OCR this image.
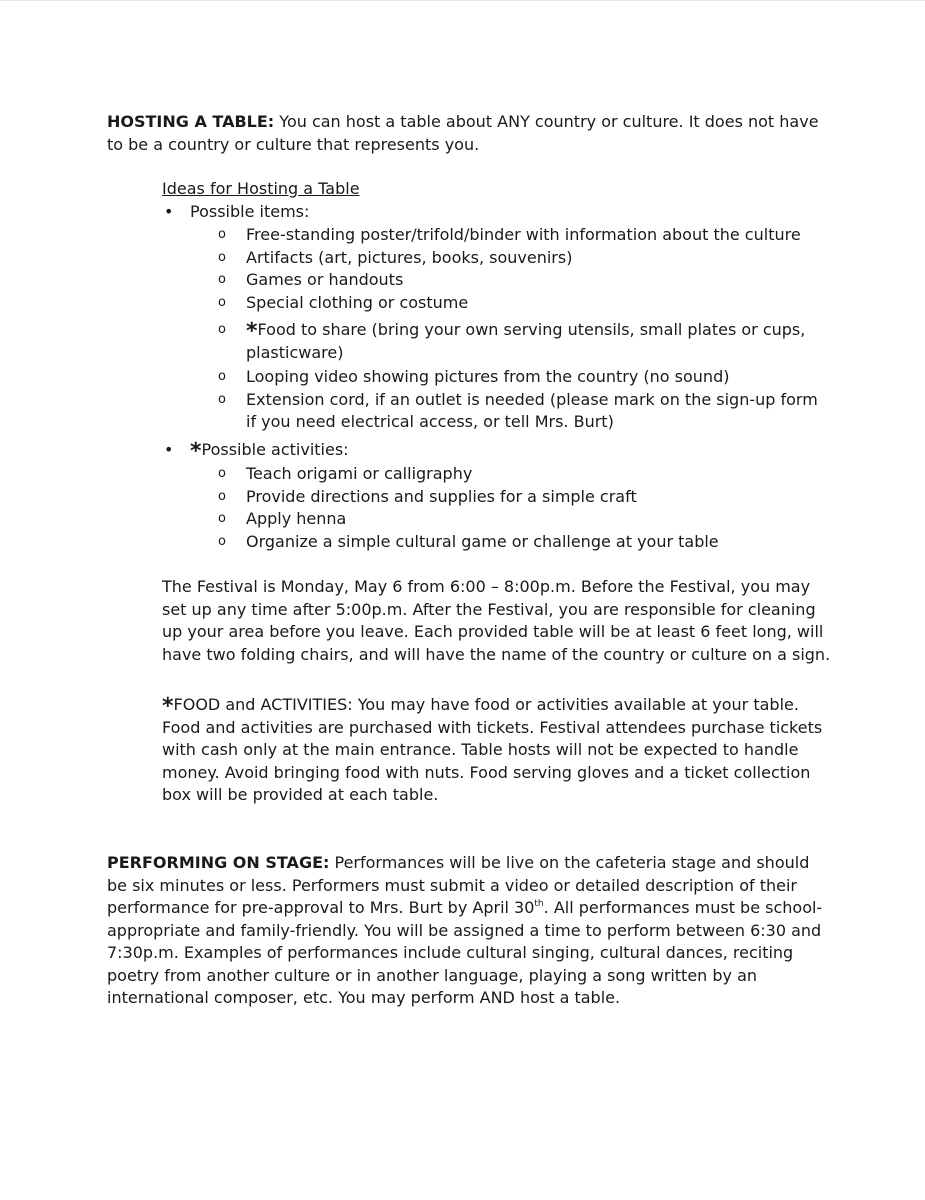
HOSTING A TABLE: You can host a table about ANY country or culture. It does not have to be a country or culture that represents you.

Ideas for Hosting a Table

• Possible items:
o Free-standing poster/trifold/binder with information about the culture
o Artifacts (art, pictures, books, souvenirs)
o Games or handouts
o Special clothing or costume
o *Food to share (bring your own serving utensils, small plates or cups, plasticware)
o Looping video showing pictures from the country (no sound)
o Extension cord, if an outlet is needed (please mark on the sign-up form if you need electrical access, or tell Mrs. Burt)
• *Possible activities:
o Teach origami or calligraphy
o Provide directions and supplies for a simple craft
o Apply henna
o Organize a simple cultural game or challenge at your table

The Festival is Monday, May 6 from 6:00 – 8:00p.m. Before the Festival, you may set up any time after 5:00p.m. After the Festival, you are responsible for cleaning up your area before you leave. Each provided table will be at least 6 feet long, will have two folding chairs, and will have the name of the country or culture on a sign.

*FOOD and ACTIVITIES: You may have food or activities available at your table. Food and activities are purchased with tickets. Festival attendees purchase tickets with cash only at the main entrance. Table hosts will not be expected to handle money. Avoid bringing food with nuts. Food serving gloves and a ticket collection box will be provided at each table.

PERFORMING ON STAGE: Performances will be live on the cafeteria stage and should be six minutes or less. Performers must submit a video or detailed description of their performance for pre-approval to Mrs. Burt by April 30th. All performances must be school-appropriate and family-friendly. You will be assigned a time to perform between 6:30 and 7:30p.m. Examples of performances include cultural singing, cultural dances, reciting poetry from another culture or in another language, playing a song written by an international composer, etc. You may perform AND host a table.
